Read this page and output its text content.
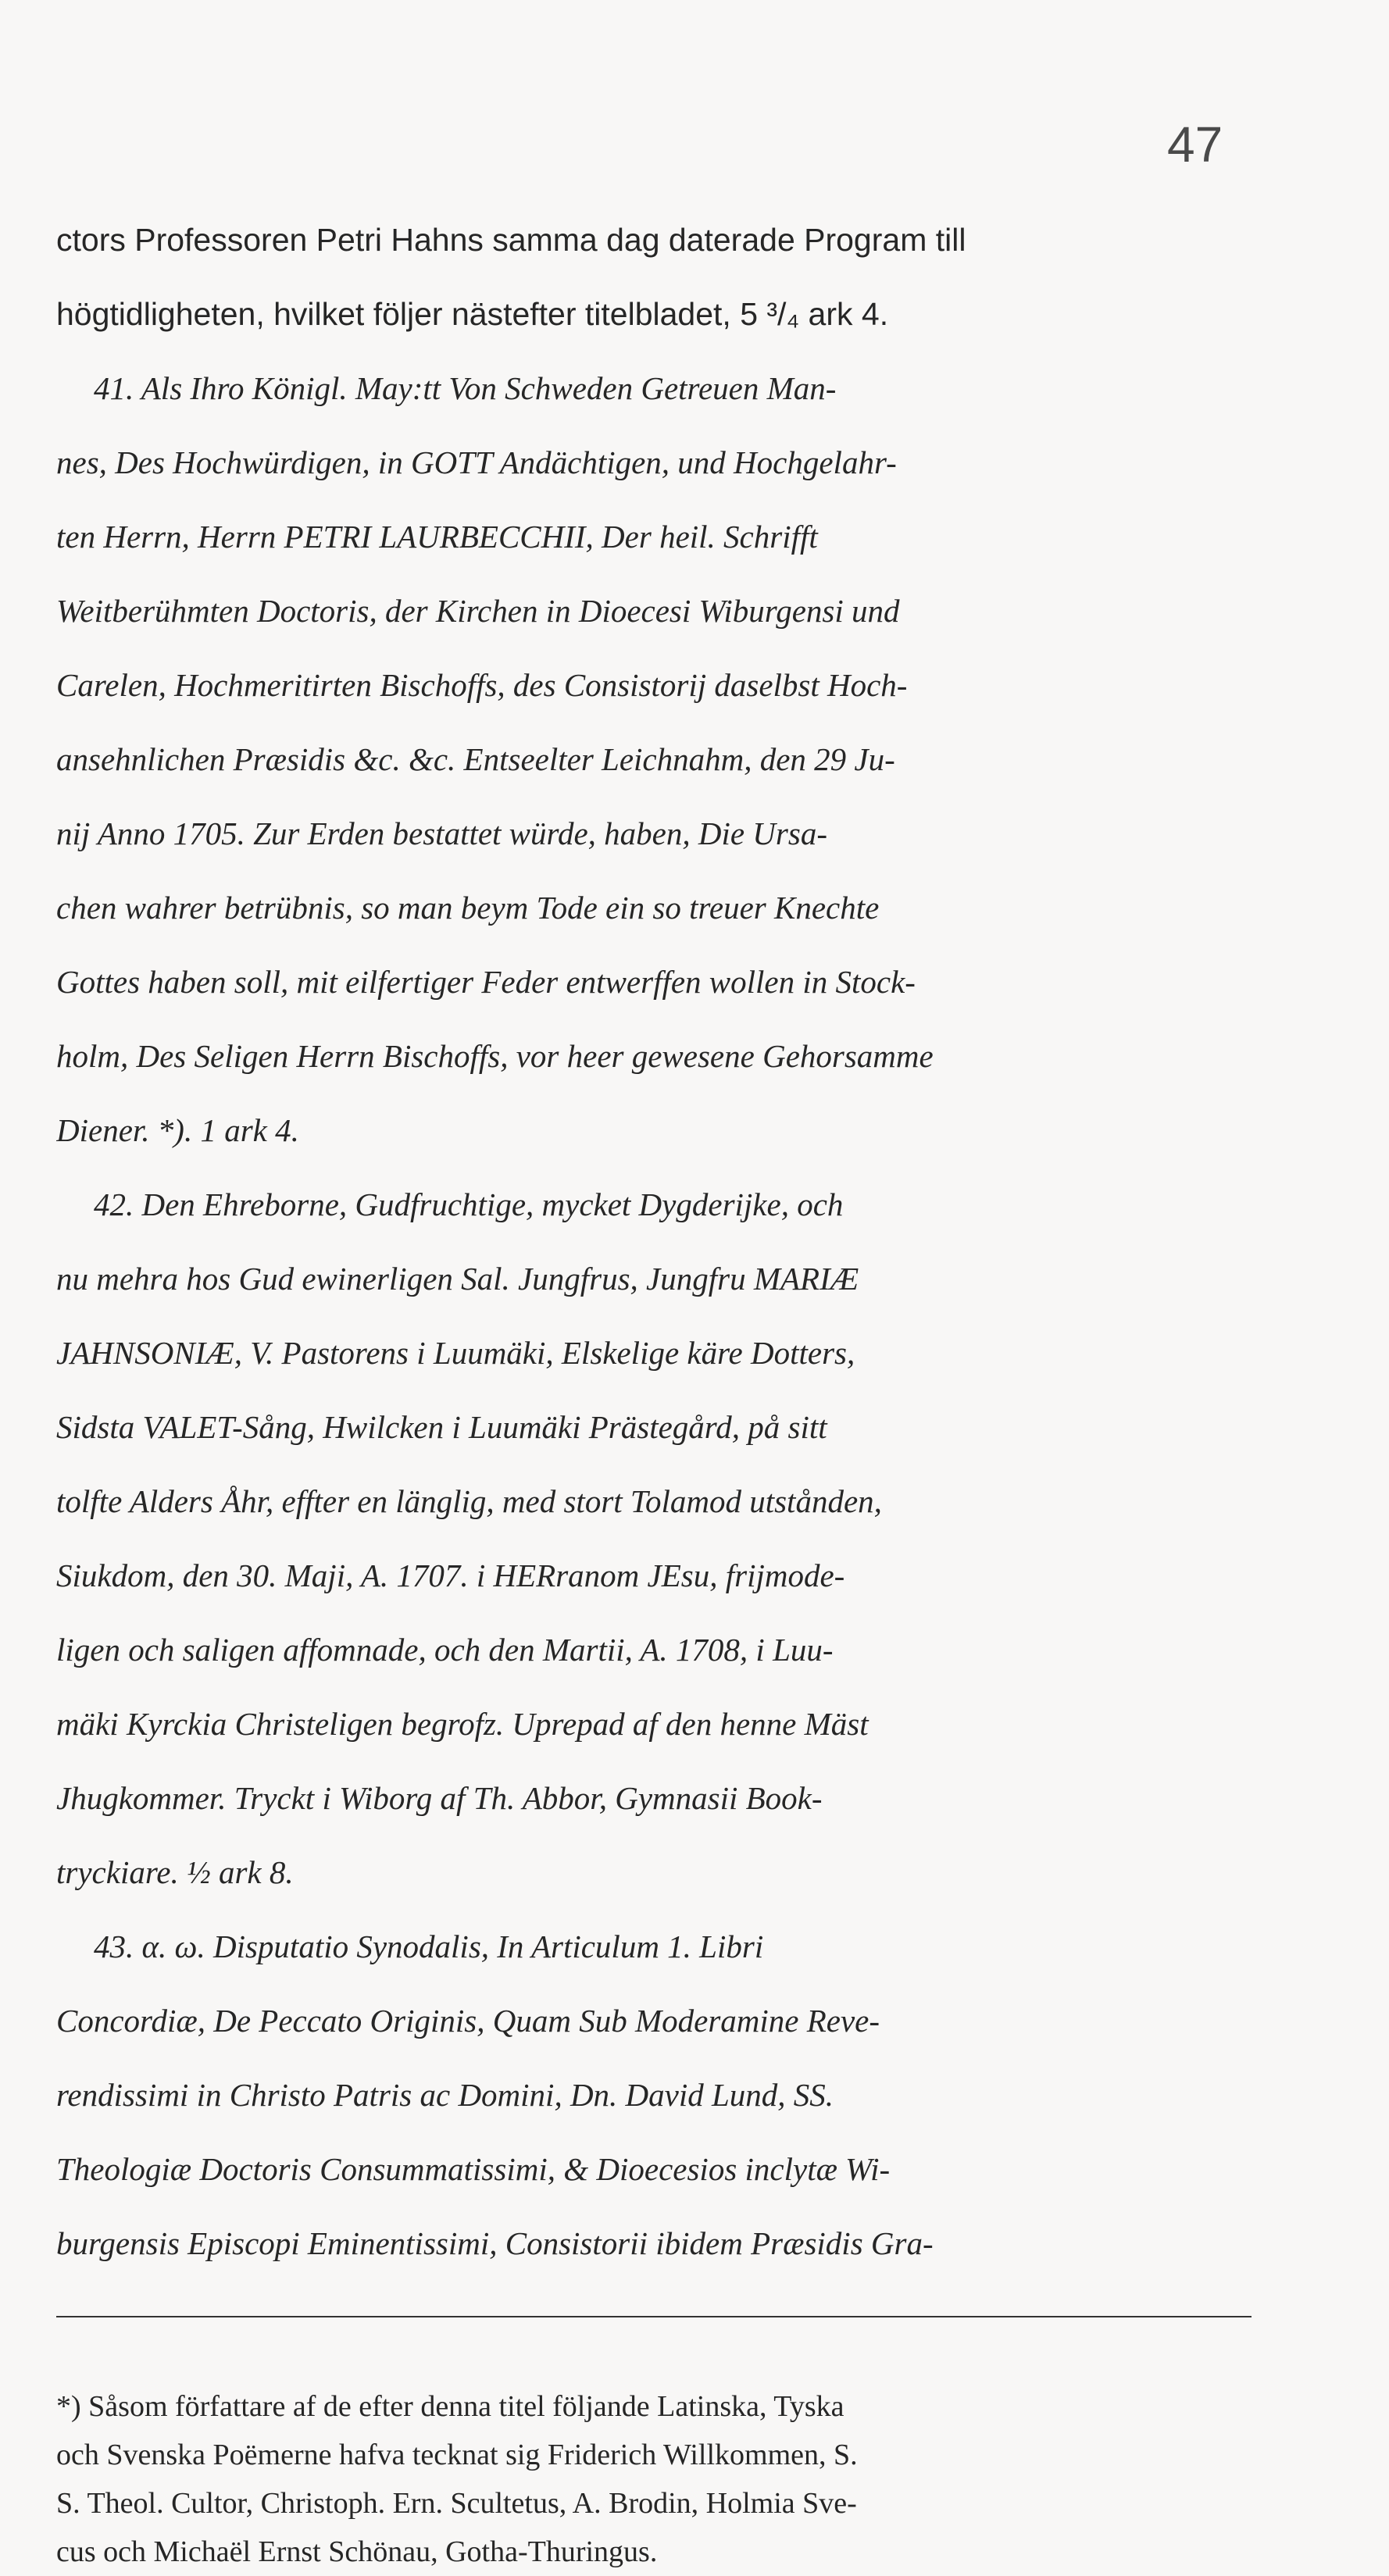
47
ctors Professoren Petri Hahns samma dag daterade Program till
högtidligheten, hvilket följer nästefter titelbladet, 5 ³/₄ ark 4.
41. Als Ihro Königl. May:tt Von Schweden Getreuen Man-
nes, Des Hochwürdigen, in GOTT Andächtigen, und Hochgelahr-
ten Herrn, Herrn PETRI LAURBECCHII, Der heil. Schrifft
Weitberühmten Doctoris, der Kirchen in Dioecesi Wiburgensi und
Carelen, Hochmeritirten Bischoffs, des Consistorij daselbst Hoch-
ansehnlichen Præsidis &c. &c. Entseelter Leichnahm, den 29 Ju-
nij Anno 1705. Zur Erden bestattet würde, haben, Die Ursa-
chen wahrer betrübnis, so man beym Tode ein so treuer Knechte
Gottes haben soll, mit eilfertiger Feder entwerffen wollen in Stock-
holm, Des Seligen Herrn Bischoffs, vor heer gewesene Gehorsamme
Diener. *). 1 ark 4.
42. Den Ehreborne, Gudfruchtige, mycket Dygderijke, och
nu mehra hos Gud ewinerligen Sal. Jungfrus, Jungfru MARIÆ
JAHNSONIÆ, V. Pastorens i Luumäki, Elskelige käre Dotters,
Sidsta VALET-Sång, Hwilcken i Luumäki Prästegård, på sitt
tolfte Alders Åhr, effter en länglig, med stort Tolamod utstånden,
Siukdom, den 30. Maji, A. 1707. i HERranom JEsu, frijmode-
ligen och saligen affomnade, och den Martii, A. 1708, i Luu-
mäki Kyrckia Christeligen begrofz. Uprepad af den henne Mäst
Jhugkommer. Tryckt i Wiborg af Th. Abbor, Gymnasii Book-
tryckiare. ½ ark 8.
43. α. ω. Disputatio Synodalis, In Articulum 1. Libri
Concordiæ, De Peccato Originis, Quam Sub Moderamine Reve-
rendissimi in Christo Patris ac Domini, Dn. David Lund, SS.
Theologiæ Doctoris Consummatissimi, & Dioecesios inclytæ Wi-
burgensis Episcopi Eminentissimi, Consistorii ibidem Præsidis Gra-
*) Såsom författare af de efter denna titel följande Latinska, Tyska
och Svenska Poëmerne hafva tecknat sig Friderich Willkommen, S.
S. Theol. Cultor, Christoph. Ern. Scultetus, A. Brodin, Holmia Sve-
cus och Michaël Ernst Schönau, Gotha-Thuringus.
